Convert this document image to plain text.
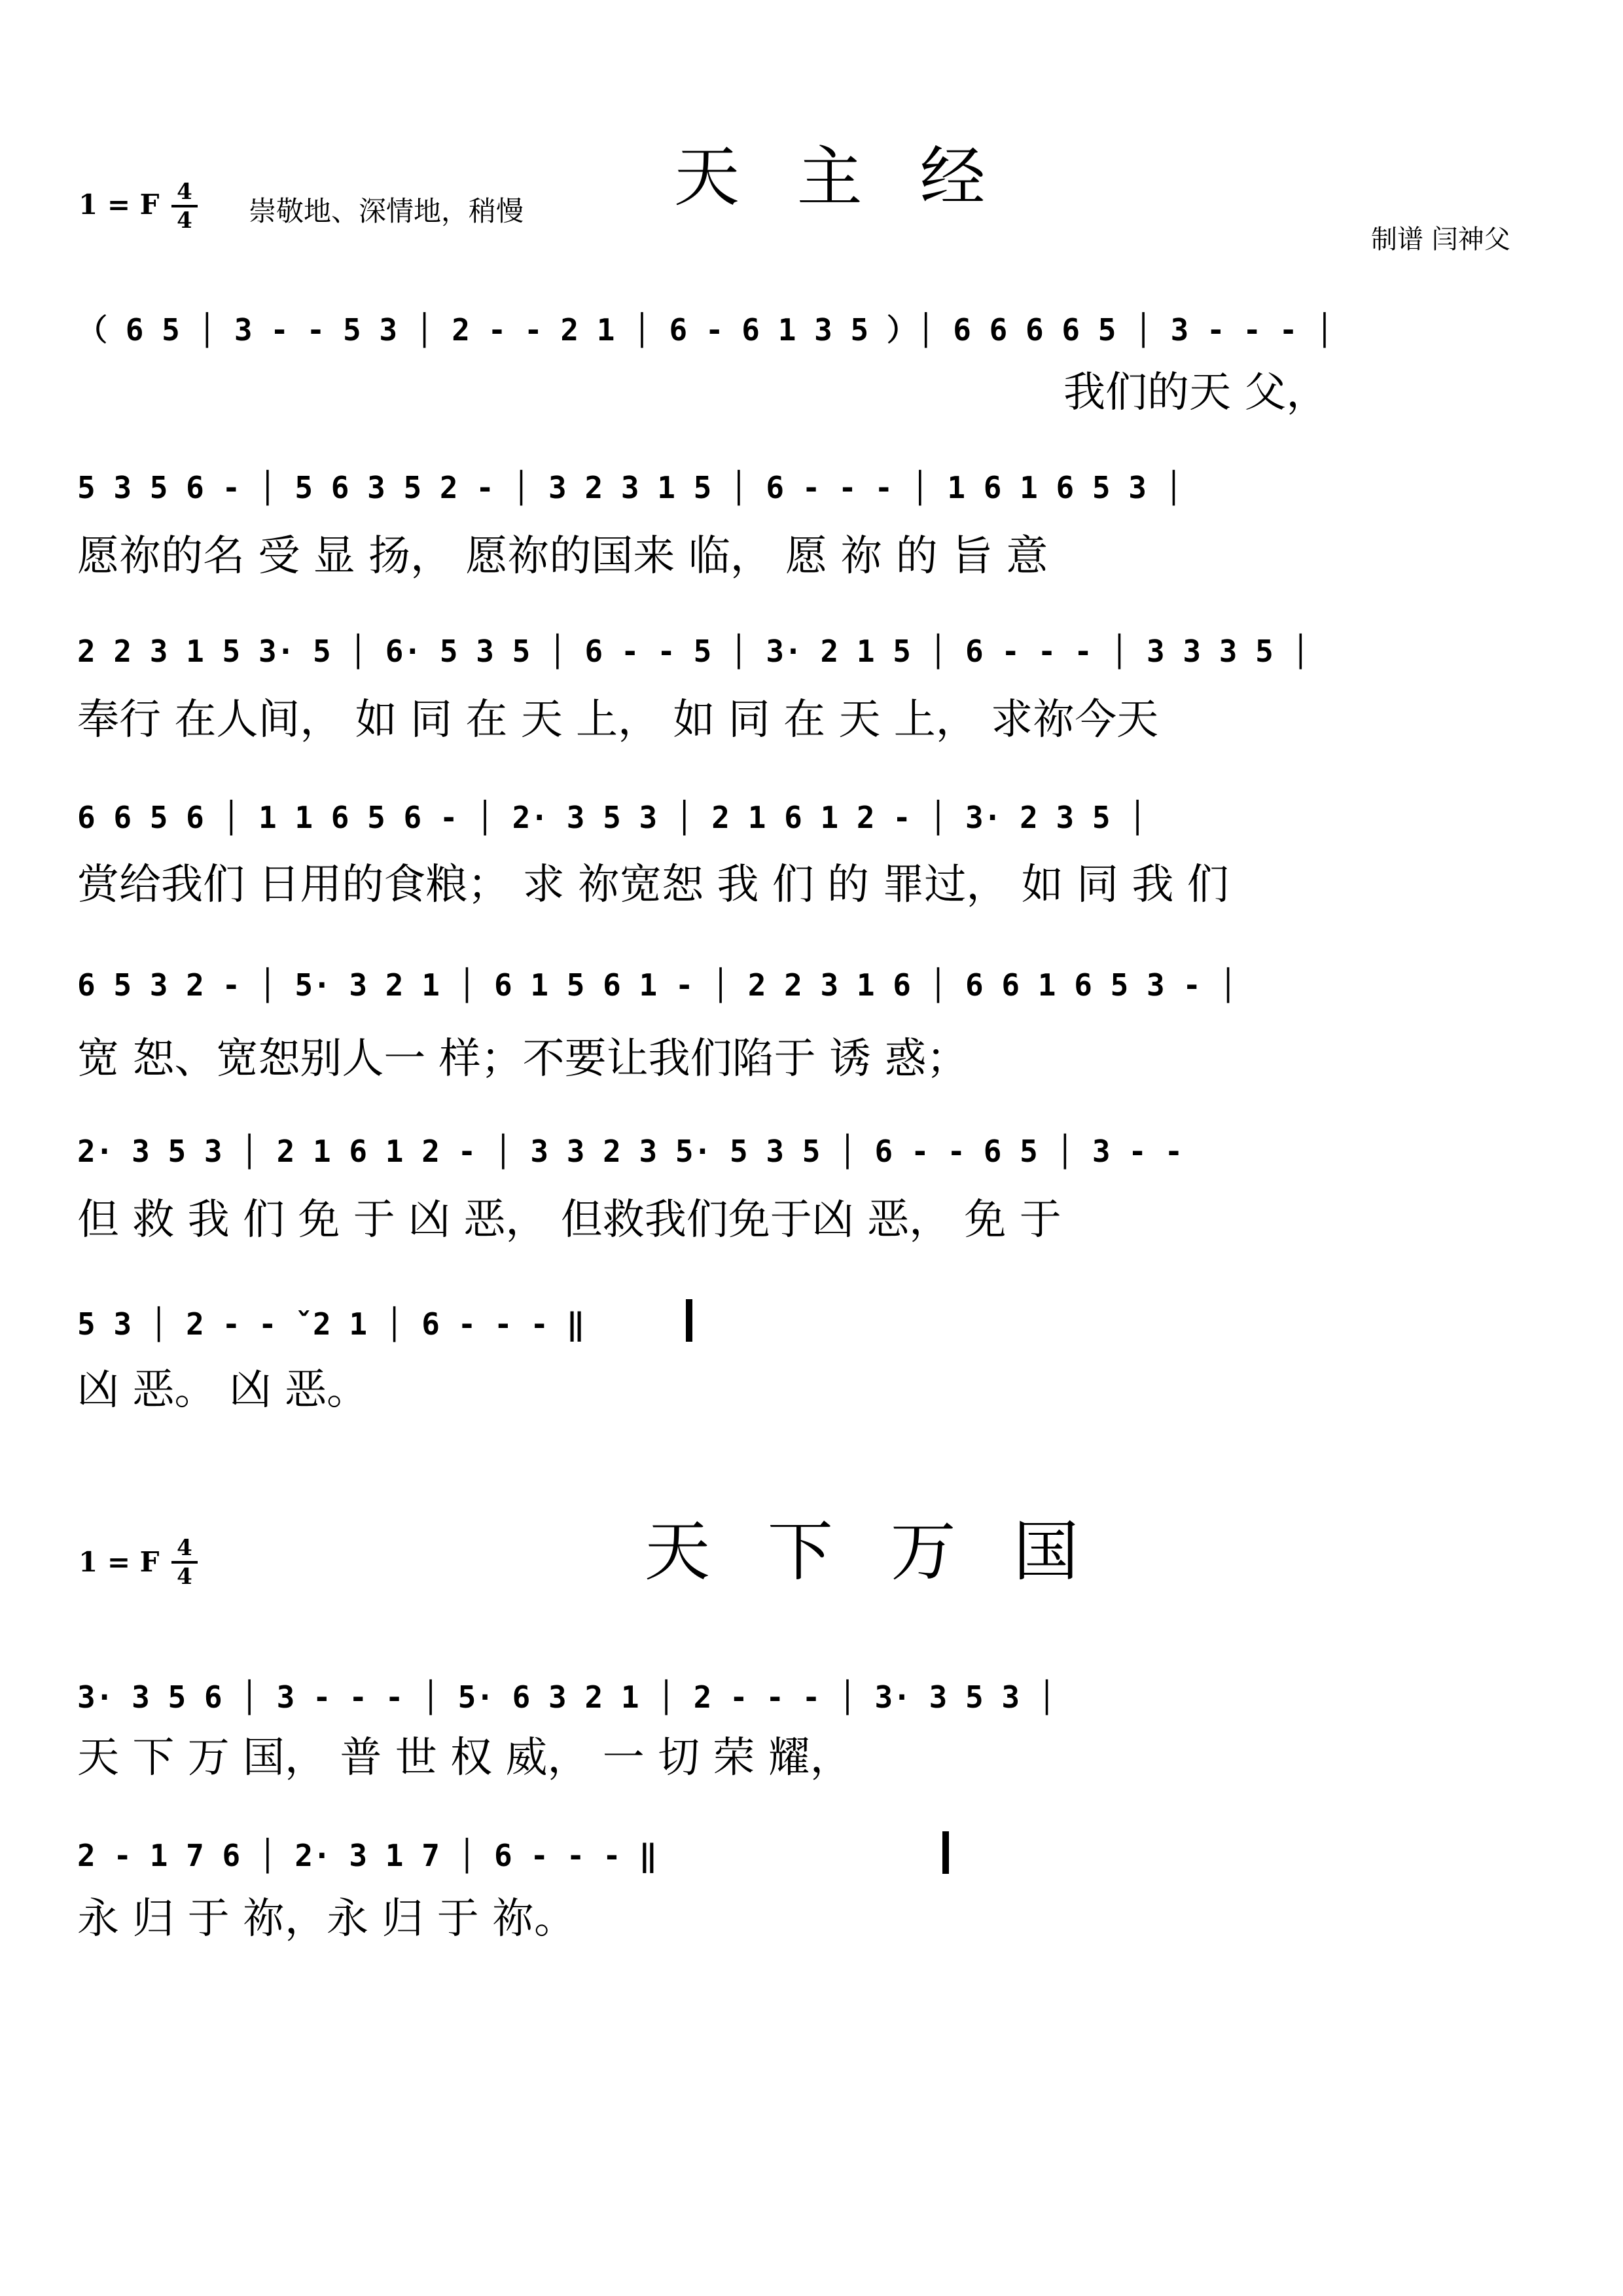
天 主 经
1 = F 4
4 崇敬地、深情地，稍慢
制谱 闫神父
（ 6 5 │ 3 - - 5 3 │ 2 - - 2 1 │ 6 - 6 1 3 5 ）│ 6 6 6 6 5 │ 3 - - - │
我们的天 父，
5 3 5 6 - │ 5 6 3 5 2 - │ 3 2 3 1 5 │ 6 - - - │ 1 6 1 6 5 3 │
愿祢的名 受 显 扬， 愿祢的国来 临， 愿 祢 的 旨 意
2 2 3 1 5 3· 5 │ 6· 5 3 5 │ 6 - - 5 │ 3· 2 1 5 │ 6 - - - │ 3 3 3 5 │
奉行 在人间， 如 同 在 天 上， 如 同 在 天 上， 求祢今天
6 6 5 6 │ 1 1 6 5 6 - │ 2· 3 5 3 │ 2 1 6 1 2 - │ 3· 2 3 5 │
赏给我们 日用的食粮； 求 祢宽恕 我 们 的 罪过， 如 同 我 们
6 5 3 2 - │ 5· 3 2 1 │ 6 1 5 6 1 - │ 2 2 3 1 6 │ 6 6 1 6 5 3 - │
宽 恕、宽恕别人一 样；不要让我们陷于 诱 惑；
2· 3 5 3 │ 2 1 6 1 2 - │ 3 3 2 3 5· 5 3 5 │ 6 - - 6 5 │ 3 - -
但 救 我 们 免 于 凶 恶， 但救我们免于凶 恶， 免 于
5 3 │ 2 - - ˇ2 1 │ 6 - - - ‖
凶 恶。 凶 恶。
天 下 万 国
1 = F 4
4
3· 3 5 6 │ 3 - - - │ 5· 6 3 2 1 │ 2 - - - │ 3· 3 5 3 │
天 下 万 国， 普 世 权 威， 一 切 荣 耀，
2 - 1 7 6 │ 2· 3 1 7 │ 6 - - - ‖
永 归 于 祢，永 归 于 祢。
